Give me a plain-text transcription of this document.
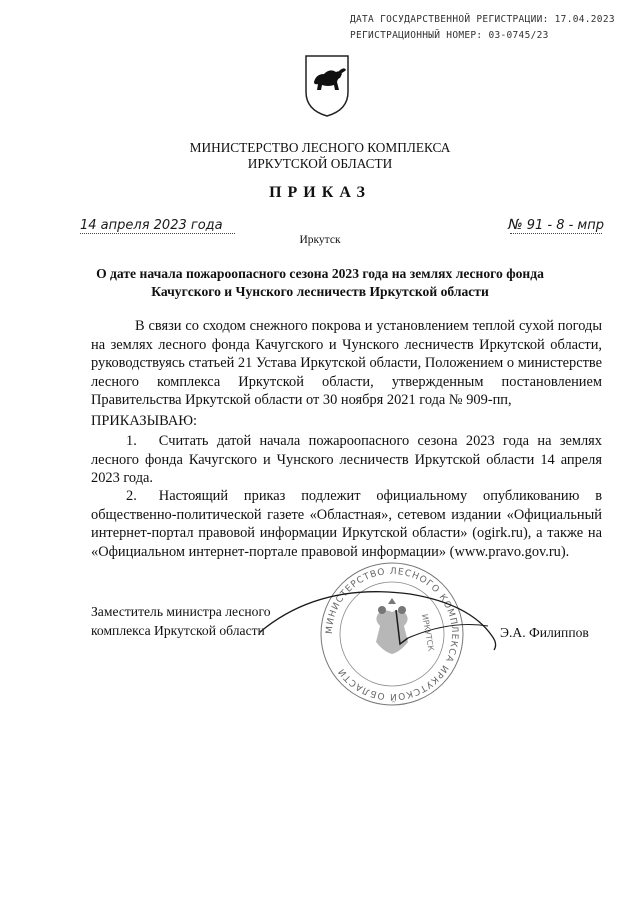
ДАТА ГОСУДАРСТВЕННОЙ РЕГИСТРАЦИИ: 17.04.2023
РЕГИСТРАЦИОННЫЙ НОМЕР: 03-0745/23
МИНИСТЕРСТВО ЛЕСНОГО КОМПЛЕКСА
ИРКУТСКОЙ ОБЛАСТИ
ПРИКАЗ
14 апреля 2023 года	№ 91 - 8 - мпр
Иркутск
О дате начала пожароопасного сезона 2023 года на землях лесного фонда
Качугского и Чунского лесничеств Иркутской области
В связи со сходом снежного покрова и установлением теплой сухой погоды на землях лесного фонда Качугского и Чунского лесничеств Иркутской области, руководствуясь статьей 21 Устава Иркутской области, Положением о министерстве лесного комплекса Иркутской области, утвержденным постановлением Правительства Иркутской области от 30 ноября 2021 года № 909-пп,
ПРИКАЗЫВАЮ:
1. Считать датой начала пожароопасного сезона 2023 года на землях лесного фонда Качугского и Чунского лесничеств Иркутской области 14 апреля 2023 года.
2. Настоящий приказ подлежит официальному опубликованию в общественно-политической газете «Областная», сетевом издании «Официальный интернет-портал правовой информации Иркутской области» (ogirk.ru), а также на «Официальном интернет-портале правовой информации» (www.pravo.gov.ru).
МИНИСТЕРСТВО ЛЕСНОГО КОМПЛЕКСА ИРКУТСКОЙ ОБЛАСТИ
ИРКУТСК
Заместитель министра лесного
комплекса Иркутской области	Э.А. Филиппов
